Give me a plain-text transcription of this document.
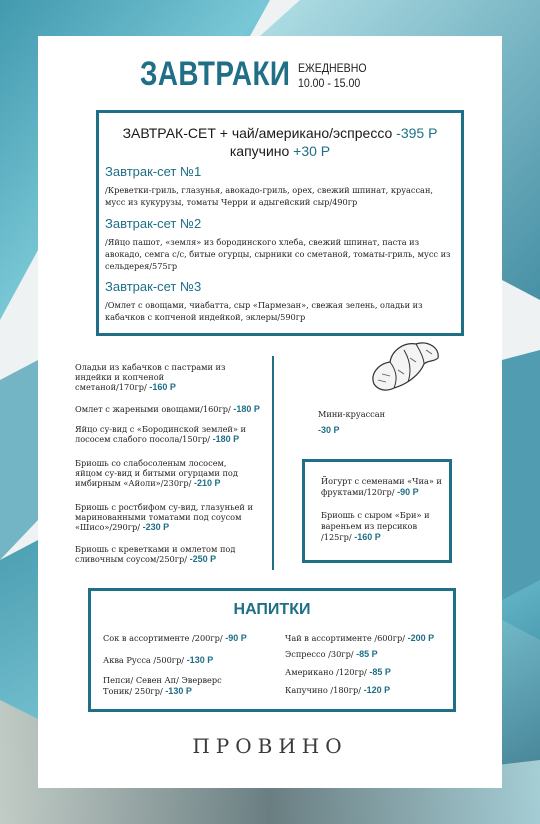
ЗАВТРАКИ ЕЖЕДНЕВНО
10.00 - 15.00
ЗАВТРАК-СЕТ + чай/американо/эспрессо -395 Р
капучино +30 Р
Завтрак-сет №1
/Креветки-гриль, глазунья, авокадо-гриль, орех, свежий шпинат, круассан, мусс из кукурузы, томаты Черри и адыгейский сыр/490гр
Завтрак-сет №2
/Яйцо пашот, «земля» из бородинского хлеба, свежий шпинат, паста из авокадо, семга с/с, битые огурцы, сырники со сметаной, томаты-гриль, мусс из сельдерея/575гр
Завтрак-сет №3
/Омлет с овощами, чиабатта, сыр «Пармезан», свежая зелень, оладьи из кабачков с копченой индейкой, эклеры/590гр
Оладьи из кабачков с пастрами из индейки и копченой сметаной/170гр/ -160 Р
Омлет с жареными овощами/160гр/ -180 Р
Яйцо су-вид с «Бородинской землей» и лососем слабого посола/150гр/ -180 Р
Бриошь со слабосоленым лососем, яйцом су-вид и битыми огурцами под имбирным «Айоли»/230гр/ -210 Р
Бриошь с ростбифом су-вид, глазуньей и маринованными томатами под соусом «Шисо»/290гр/ -230 Р
Бриошь с креветками и омлетом под сливочным соусом/250гр/ -250 Р
Мини-круассан
-30 Р
Йогурт с семенами «Чиа» и фруктами/120гр/ -90 Р
Бриошь с сыром «Бри» и вареньем из персиков /125гр/ -160 Р
НАПИТКИ
Сок в ассортименте /200гр/ -90 Р
Аква Русса /500гр/ -130 Р
Пепси/ Севен Ап/ Эверверс Тоник/ 250гр/ -130 Р
Чай в ассортименте /600гр/ -200 Р
Эспрессо /30гр/ -85 Р
Американо /120гр/ -85 Р
Капучино /180гр/ -120 Р
ПРОВИНО
